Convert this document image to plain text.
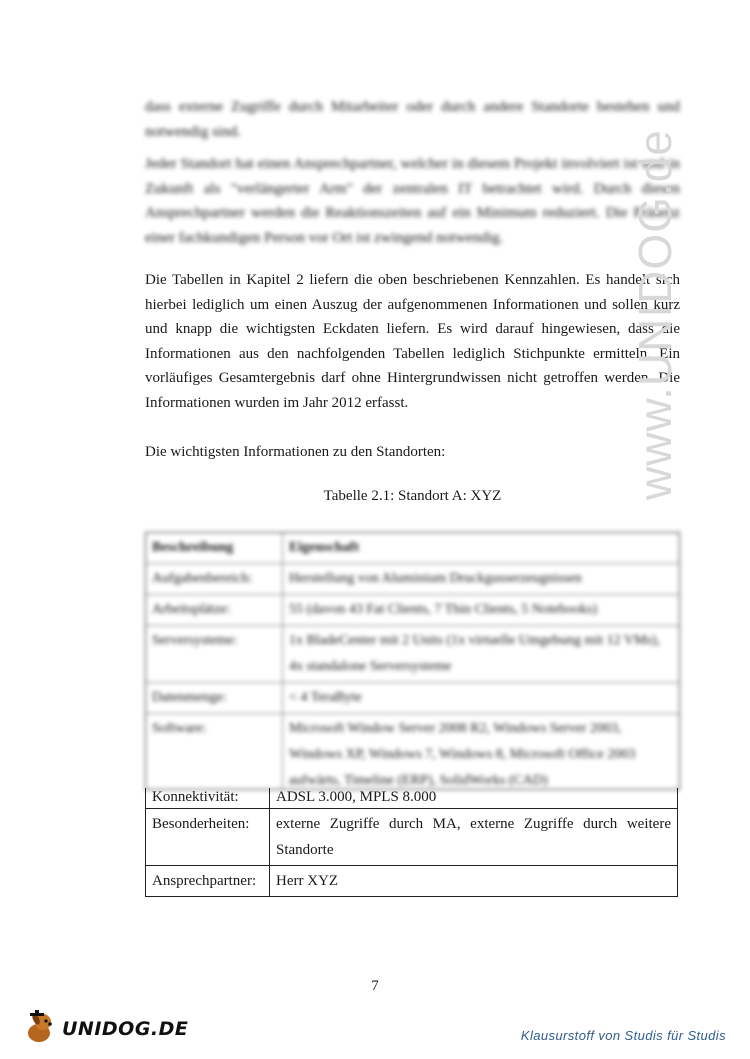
dass externe Zugriffe durch Mitarbeiter oder durch andere Standorte bestehen und notwendig sind.

Jeder Standort hat einen Ansprechpartner, welcher in diesem Projekt involviert ist und in Zukunft als "verlängerter Arm" der zentralen IT betrachtet wird. Durch diesen Ansprechpartner werden die Reaktionszeiten auf ein Minimum reduziert. Die Präsenz einer fachkundigen Person vor Ort ist zwingend notwendig.

Die Tabellen in Kapitel 2 liefern die oben beschriebenen Kennzahlen. Es handelt sich hierbei lediglich um einen Auszug der aufgenommenen Informationen und sollen kurz und knapp die wichtigsten Eckdaten liefern. Es wird darauf hingewiesen, dass die Informationen aus den nachfolgenden Tabellen lediglich Stichpunkte ermitteln. Ein vorläufiges Gesamtergebnis darf ohne Hintergrundwissen nicht getroffen werden. Die Informationen wurden im Jahr 2012 erfasst.

Die wichtigsten Informationen zu den Standorten:

Tabelle 2.1: Standort A: XYZ
Beschreibung	Eigenschaft
Aufgabenbereich:	Herstellung von Aluminium Druckgusserzeugnissen
Arbeitsplätze:	55 (davon 43 Fat Clients, 7 Thin Clients, 5 Notebooks)
Serversysteme:	1x BladeCenter mit 2 Units (1x virtuelle Umgebung mit 12 VMs), 4x standalone Serversysteme
Datenmenge:	< 4 TeraByte
Software:	Microsoft Window Server 2008 R2, Windows Server 2003, Windows XP, Windows 7, Windows 8, Microsoft Office 2003 aufwärts, Timeline (ERP), SolidWorks (CAD)
Konnektivität:	ADSL 3.000, MPLS 8.000
Besonderheiten:	externe Zugriffe durch MA, externe Zugriffe durch weitere Standorte
Ansprechpartner:	Herr XYZ
www.UNIDOG.de
7
UNIDOG.DE	Klausurstoff von Studis für Studis
